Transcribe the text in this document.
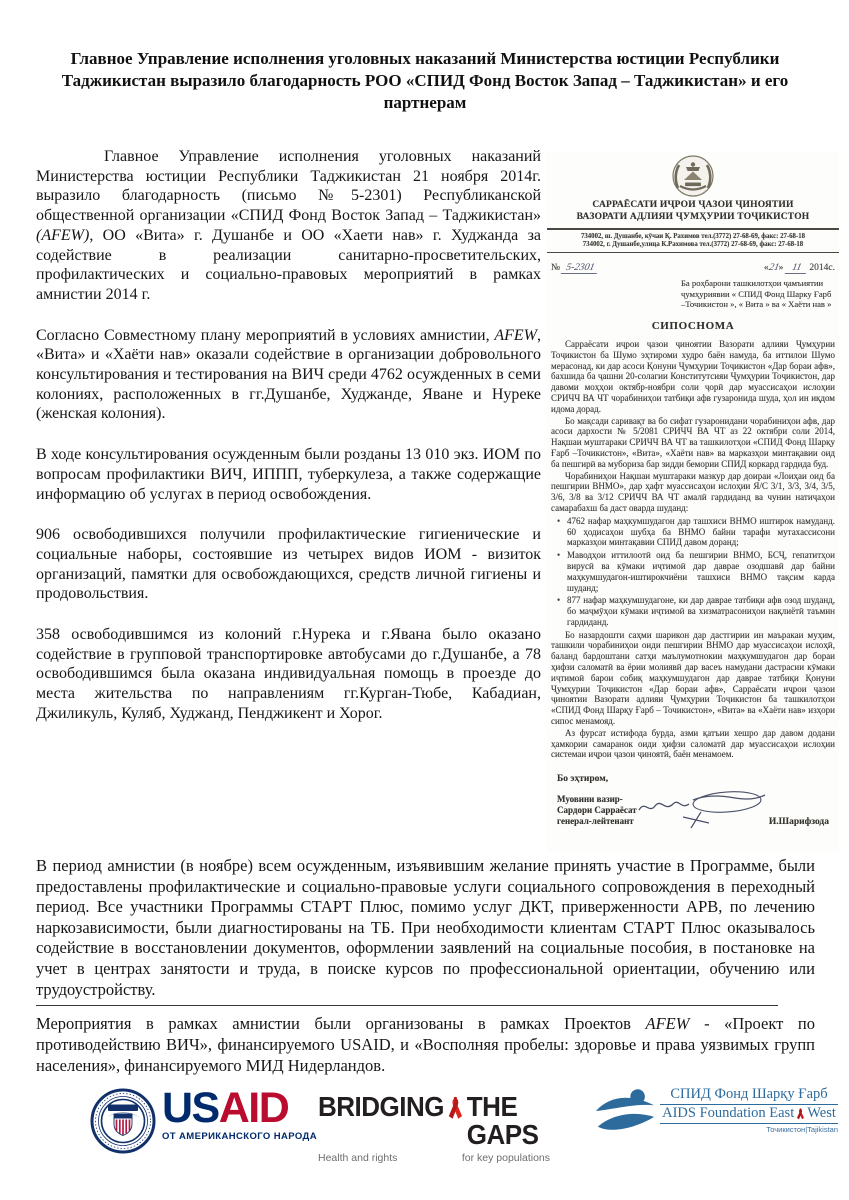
Главное Управление исполнения уголовных наказаний Министерства юстиции Республики Таджикистан выразило благодарность РОО «СПИД Фонд Восток Запад – Таджикистан» и его партнерам

Главное Управление исполнения уголовных наказаний Министерства юстиции Республики Таджикистан 21 ноября 2014г. выразило благодарность (письмо №5-2301) Республиканской общественной организации «СПИД Фонд Восток Запад – Таджикистан» (AFEW), ОО «Вита» г. Душанбе и ОО «Хаети нав» г. Худжанда за содействие в реализации санитарно-просветительских, профилактических и социально-правовых мероприятий в рамках амнистии 2014 г.

Согласно Совместному плану мероприятий в условиях амнистии, AFEW, «Вита» и «Хаёти нав» оказали содействие в организации добровольного консультирования и тестирования на ВИЧ среди 4762 осужденных в семи колониях, расположенных в гг.Душанбе, Худжанде, Яване и Нуреке (женская колония).

В ходе консультирования осужденным были розданы 13 010 экз. ИОМ по вопросам профилактики ВИЧ, ИППП, туберкулеза, а также содержащие информацию об услугах в период освобождения.

906 освободившихся получили профилактические гигиенические и социальные наборы, состоявшие из четырех видов ИОМ - визиток организаций, памятки для освобождающихся, средств личной гигиены и продовольствия.

358 освободившимся из колоний г.Нурека и г.Явана было оказано содействие в групповой транспортировке автобусами до г.Душанбе, а 78 освободившимся была оказана индивидуальная помощь в проезде до места жительства по направлениям гг.Курган-Тюбе, Кабадиан, Джиликуль, Куляб, Худжанд, Пенджикент и Хорог.

САРРАЁСАТИ ИҶРОИ ҶАЗОИ ҶИНОЯТИИ
ВАЗОРАТИ АДЛИЯИ ҶУМҲУРИИ ТОҶИКИСТОН
734002, ш. Душанбе, кӯчаи Қ. Рахимов тел.(3772) 27-68-69, факс: 27-68-18
734002, г. Душанбе,улица К.Рахимова тел.(3772) 27-68-69, факс: 27-68-18
№ 5-2301	«21» 11 2014с.
Ба роҳбарони ташкилотҳои ҷамъиятии ҷумҳуриявии « СПИД Фонд Шарку Ғарб –Точикистон », « Вита » ва « Хаёти нав »
СИПОСНОМА

Сарраёсати иҷрои ҷазои ҷиноятии Вазорати адлияи Ҷумҳурии Тоҷикистон ба Шумо эҳтироми худро баён намуда, ба иттилои Шумо мерасонад, ки дар асоси Қонуни Ҷумҳурии Тоҷикистон «Дар бораи афв», бахшида ба ҷашни 20-солагии Конститутсияи Ҷумҳурии Тоҷикистон, дар давоми моҳҳои октябр-ноябри соли ҷорӣ дар муассисаҳои ислоҳии СРИЧЧ ВА ЧТ чорабиниҳои татбиқи афв гузаронида шуда, ҳол ин иқдом идома дорад.

Бо мақсади саривақт ва бо сифат гузаронидани чорабиниҳои афв, дар асоси дархости № 5/2081 СРИЧЧ ВА ЧТ аз 22 октябри соли 2014, Нақшаи муштараки СРИЧЧ ВА ЧТ ва ташкилотҳои «СПИД Фонд Шарқу Ғарб –Точикистон», «Вита», «Хаёти нав» ва марказҳои минтақавии оид ба пешгирӣ ва мубориза бар зидди бемории СПИД коркард гардида буд.

Чорабиниҳои Нақшаи муштараки мазкур дар доираи «Лоиҳаи оид ба пешгирии ВНМО», дар ҳафт муассисаҳои ислоҳии Я/С 3/1, 3/3, 3/4, 3/5, 3/6, 3/8 ва 3/12 СРИЧЧ ВА ЧТ амалӣ гардиданд ва чунин натиҷаҳои самарабахш ба даст оварда шуданд:

• 4762 нафар маҳкумшудагон дар ташхиси ВНМО иштирок намуданд. 60 ҳодисаҳои шубҳа ба ВНМО байни тарафи мутахассисони марказҳои минтақавии СПИД давом доранд;
• Маводҳои иттилоотӣ оид ба пешгирии ВНМО, БСҶ, гепатитҳои вирусӣ ва кӯмаки иҷтимоӣ дар даврае озодшавӣ дар байни маҳкумшудагон-иштирокчиёни ташхиси ВНМО тақсим карда шуданд;
• 877 нафар маҳкумшудагоне, ки дар даврае татбиқи афв озод шуданд, бо маҷмӯҳои кӯмаки иҷтимоӣ ва хизматрасониҳои нақлиётӣ таъмин гардиданд.

Бо назардошти саҳми шарикон дар дастгирии ин маъракаи муҳим, ташкили чорабиниҳои оиди пешгирии ВНМО дар муассисаҳои ислоҳӣ, баланд бардоштани сатҳи маълумотнокии маҳкумшудагон дар бораи ҳифзи саломатӣ ва ёрии молиявӣ дар васеъ намудани дастрасии кӯмаки иҷтимоӣ барои собиқ маҳкумшудагон дар даврае татбиқи Қонуни Ҷумҳурии Тоҷикистон «Дар бораи афв», Сарраёсати иҷрои ҷазои ҷиноятии Вазорати адлияи Ҷумҳурии Тоҷикистон ба ташкилотҳои «СПИД Фонд Шарқу Ғарб – Точикистон», «Вита» ва «Хаёти нав» изҳори сипос менамояд.

Аз фурсат истифода бурда, азми қатъии хешро дар давом додани ҳамкории самаранок оиди ҳифзи саломатӣ дар муассисаҳои ислоҳии системаи иҷрои ҷазои ҷиноятӣ, баён менамоем.

Бо эҳтиром,
Муовини вазир-
Сардори Сарраёсат
генерал-лейтенант	И.Шарифзода

В период амнистии (в ноябре) всем осужденным, изъявившим желание принять участие в Программе, были предоставлены профилактические и социально-правовые услуги социального сопровождения в переходный период. Все участники Программы СТАРТ Плюс, помимо услуг ДКТ, приверженности АРВ, по лечению наркозависимости, были диагностированы на ТБ. При необходимости клиентам СТАРТ Плюс оказывалось содействие в восстановлении документов, оформлении заявлений на социальные пособия, в постановке на учет в центрах занятости и труда, в поиске курсов по профессиональной ориентации, обучению или трудоустройству.

Мероприятия в рамках амнистии были организованы в рамках Проектов AFEW - «Проект по противодействию ВИЧ», финансируемого USAID, и «Восполняя пробелы: здоровье и права уязвимых групп населения», финансируемого МИД Нидерландов.

USAID
ОТ АМЕРИКАНСКОГО НАРОДА
BRIDGING THE GAPS
Health and rights	for key populations
СПИД Фонд Шарқу Ғарб
AIDS Foundation East West
Точикистон|Tajikistan
